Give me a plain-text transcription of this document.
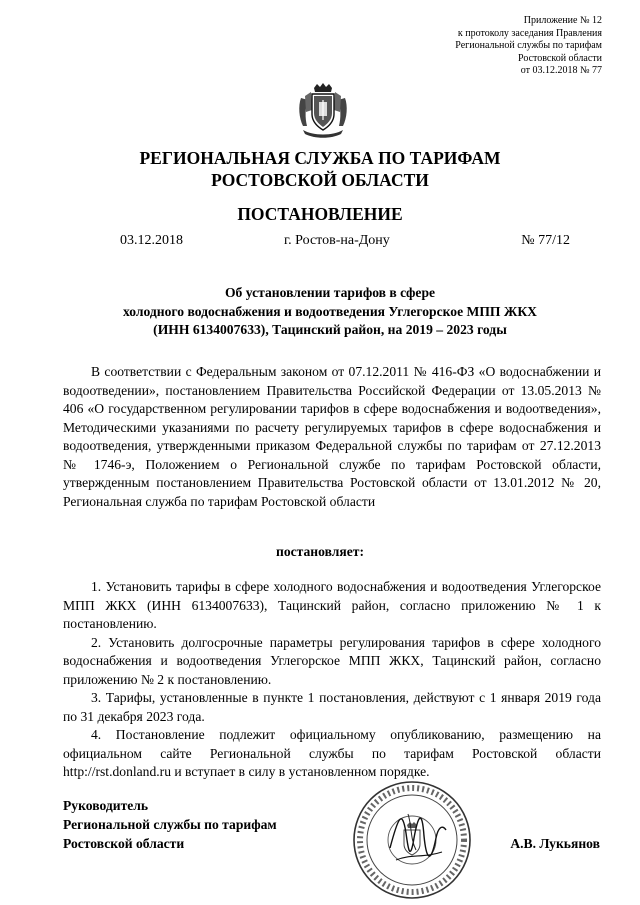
Приложение № 12
к протоколу заседания Правления
Региональной службы по тарифам
Ростовской области
от 03.12.2018 № 77
РЕГИОНАЛЬНАЯ СЛУЖБА ПО ТАРИФАМ
РОСТОВСКОЙ ОБЛАСТИ
ПОСТАНОВЛЕНИЕ
03.12.2018	г. Ростов-на-Дону	№ 77/12
Об установлении тарифов в сфере
холодного водоснабжения и водоотведения Углегорское МПП ЖКХ
(ИНН 6134007633), Тацинский район, на 2019 – 2023 годы

В соответствии с Федеральным законом от 07.12.2011 № 416-ФЗ «О водоснабжении и водоотведении», постановлением Правительства Российской Федерации от 13.05.2013 № 406 «О государственном регулировании тарифов в сфере водоснабжения и водоотведения», Методическими указаниями по расчету регулируемых тарифов в сфере водоснабжения и водоотведения, утвержденными приказом Федеральной службы по тарифам от 27.12.2013 № 1746-э, Положением о Региональной службе по тарифам Ростовской области, утвержденным постановлением Правительства Ростовской области от 13.01.2012 № 20, Региональная служба по тарифам Ростовской области

постановляет:

1. Установить тарифы в сфере холодного водоснабжения и водоотведения Углегорское МПП ЖКХ (ИНН 6134007633), Тацинский район, согласно приложению № 1 к постановлению.

2. Установить долгосрочные параметры регулирования тарифов в сфере холодного водоснабжения и водоотведения Углегорское МПП ЖКХ, Тацинский район, согласно приложению № 2 к постановлению.

3. Тарифы, установленные в пункте 1 постановления, действуют с 1 января 2019 года по 31 декабря 2023 года.

4. Постановление подлежит официальному опубликованию, размещению на официальном сайте Региональной службы по тарифам Ростовской области http://rst.donland.ru и вступает в силу в установленном порядке.

Руководитель
Региональной службы по тарифам
Ростовской области	А.В. Лукьянов
